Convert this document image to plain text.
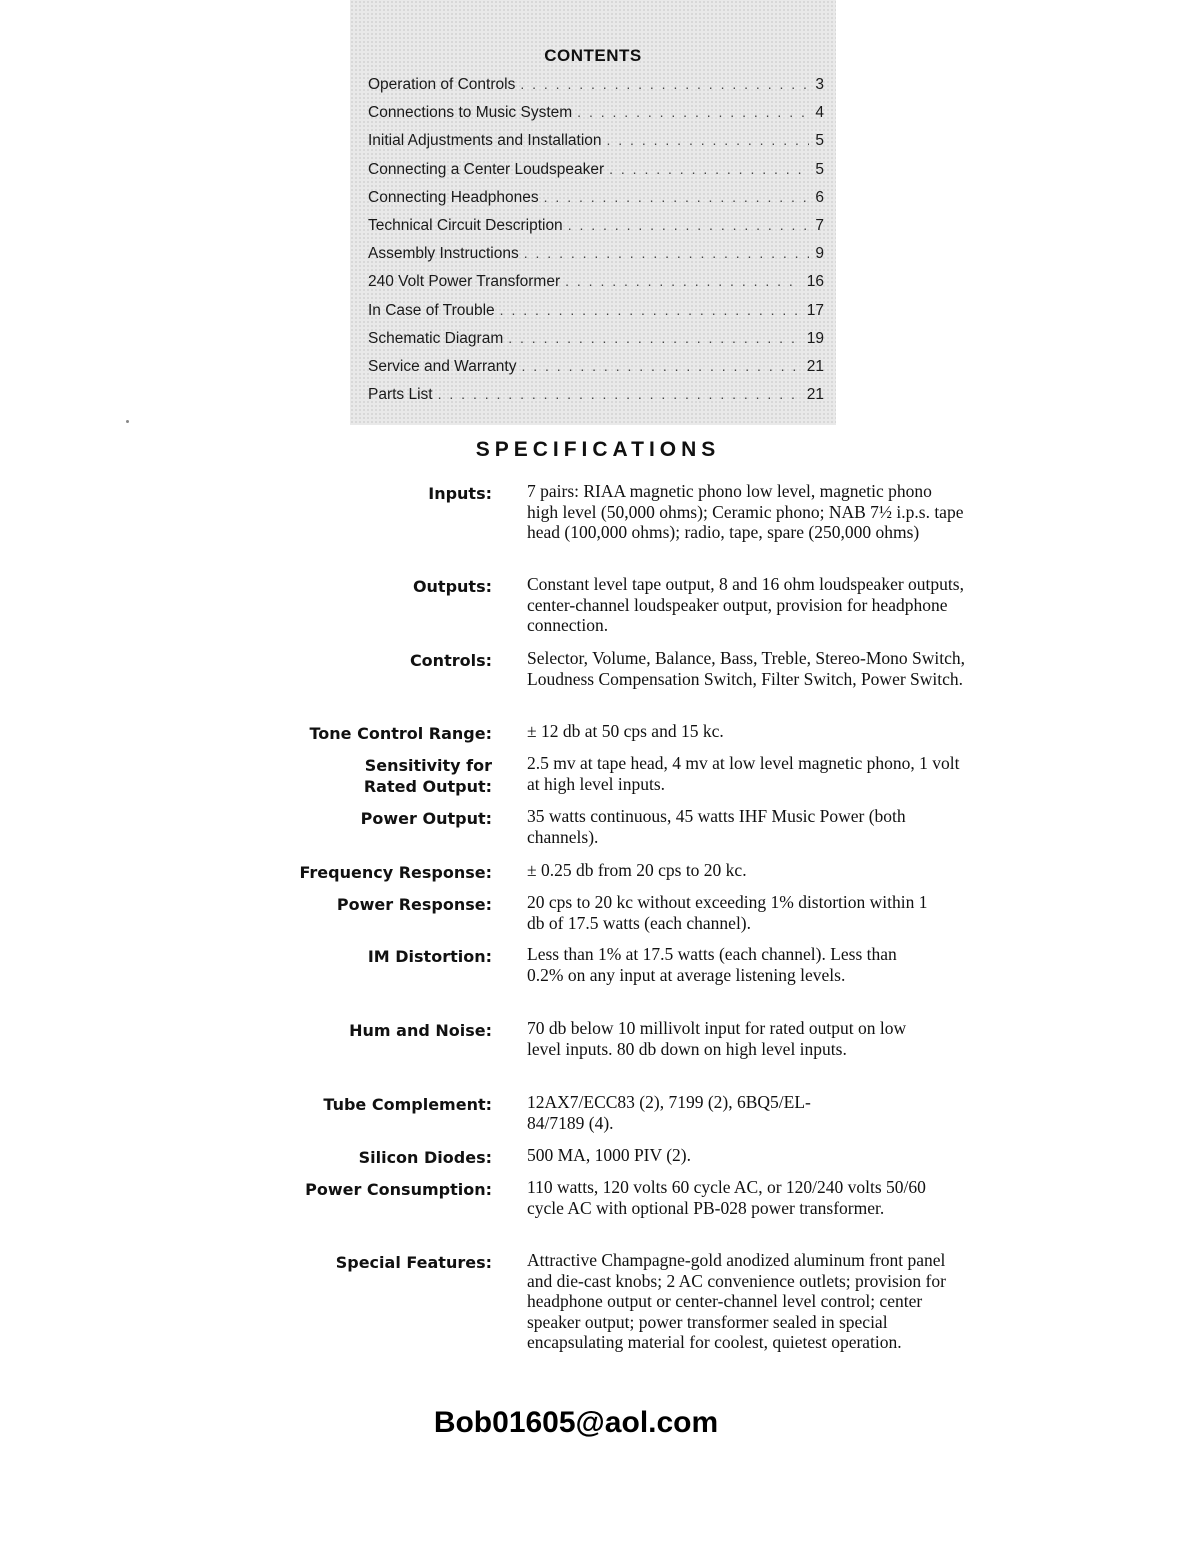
CONTENTS
Operation of Controls . . .	3
Connections to Music System . . .	4
Initial Adjustments and Installation . . .	5
Connecting a Center Loudspeaker . . .	5
Connecting Headphones . . .	6
Technical Circuit Description . . .	7
Assembly Instructions . . .	9
240 Volt Power Transformer . . .	16
In Case of Trouble . . .	17
Schematic Diagram . . .	19
Service and Warranty . . .	21
Parts List . . .	21
SPECIFICATIONS
Inputs: 7 pairs: RIAA magnetic phono low level, magnetic phono high level (50,000 ohms); Ceramic phono; NAB 7½ i.p.s. tape head (100,000 ohms); radio, tape, spare (250,000 ohms)
Outputs: Constant level tape output, 8 and 16 ohm loudspeaker outputs, center-channel loudspeaker output, provision for headphone connection.
Controls: Selector, Volume, Balance, Bass, Treble, Stereo-Mono Switch, Loudness Compensation Switch, Filter Switch, Power Switch.
Tone Control Range: ± 12 db at 50 cps and 15 kc.
Sensitivity for Rated Output:
2.5 mv at tape head, 4 mv at low level magnetic phono, 1 volt at high level inputs.
Power Output: 35 watts continuous, 45 watts IHF Music Power (both channels).
Frequency Response: ± 0.25 db from 20 cps to 20 kc.
Power Response: 20 cps to 20 kc without exceeding 1% distortion within 1 db of 17.5 watts (each channel).
IM Distortion: Less than 1% at 17.5 watts (each channel). Less than 0.2% on any input at average listening levels.
Hum and Noise: 70 db below 10 millivolt input for rated output on low level inputs. 80 db down on high level inputs.
Tube Complement: 12AX7/ECC83 (2), 7199 (2), 6BQ5/EL-84/7189 (4).
Silicon Diodes: 500 MA, 1000 PIV (2).
Power Consumption: 110 watts, 120 volts 60 cycle AC, or 120/240 volts 50/60 cycle AC with optional PB-028 power transformer.
Special Features: Attractive Champagne-gold anodized aluminum front panel and die-cast knobs; 2 AC convenience outlets; provision for headphone output or center-channel level control; center speaker output; power transformer sealed in special encapsulating material for coolest, quietest operation.
Bob01605@aol.com
